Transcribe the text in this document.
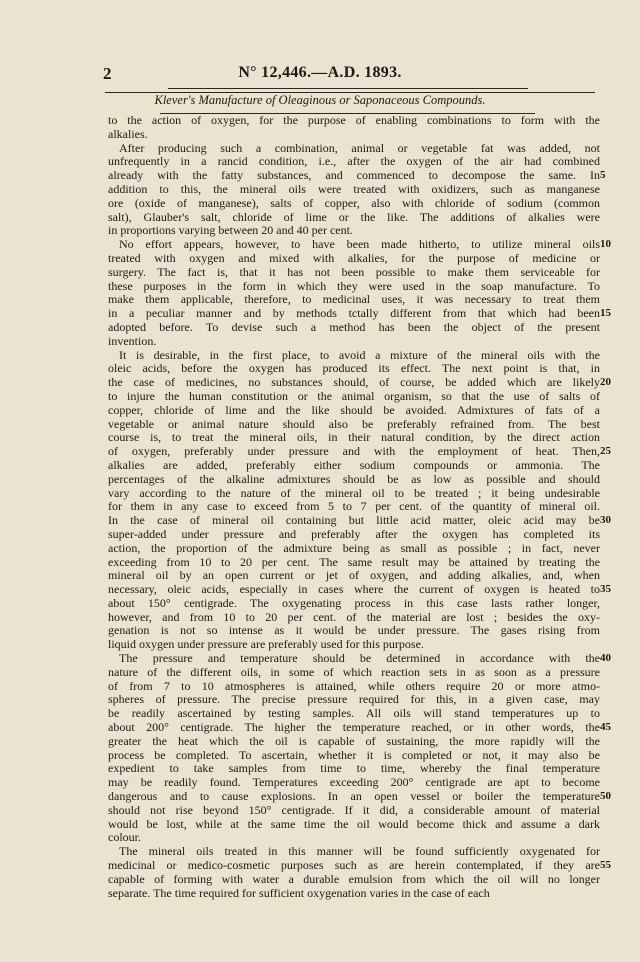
2	N° 12,446.—A.D. 1893.
Klever's Manufacture of Oleaginous or Saponaceous Compounds.
to the action of oxygen, for the purpose of enabling combinations to form with the
alkalies.
After producing such a combination, animal or vegetable fat was added, not
unfrequently in a rancid condition, i.e., after the oxygen of the air had combined
already with the fatty substances, and commenced to decompose the same. In
addition to this, the mineral oils were treated with oxidizers, such as manganese
ore (oxide of manganese), salts of copper, also with chloride of sodium (common
salt), Glauber's salt, chloride of lime or the like. The additions of alkalies were
in proportions varying between 20 and 40 per cent.
No effort appears, however, to have been made hitherto, to utilize mineral oils
treated with oxygen and mixed with alkalies, for the purpose of medicine or
surgery. The fact is, that it has not been possible to make them serviceable for
these purposes in the form in which they were used in the soap manufacture. To
make them applicable, therefore, to medicinal uses, it was necessary to treat them
in a peculiar manner and by methods tctally different from that which had been
adopted before. To devise such a method has been the object of the present
invention.
It is desirable, in the first place, to avoid a mixture of the mineral oils with the
oleic acids, before the oxygen has produced its effect. The next point is that, in
the case of medicines, no substances should, of course, be added which are likely
to injure the human constitution or the animal organism, so that the use of salts of
copper, chloride of lime and the like should be avoided. Admixtures of fats of a
vegetable or animal nature should also be preferably refrained from. The best
course is, to treat the mineral oils, in their natural condition, by the direct action
of oxygen, preferably under pressure and with the employment of heat. Then,
alkalies are added, preferably either sodium compounds or ammonia. The
percentages of the alkaline admixtures should be as low as possible and should
vary according to the nature of the mineral oil to be treated ; it being undesirable
for them in any case to exceed from 5 to 7 per cent. of the quantity of mineral oil.
In the case of mineral oil containing but little acid matter, oleic acid may be
super-added under pressure and preferably after the oxygen has completed its
action, the proportion of the admixture being as small as possible ; in fact, never
exceeding from 10 to 20 per cent. The same result may be attained by treating the
mineral oil by an open current or jet of oxygen, and adding alkalies, and, when
necessary, oleic acids, especially in cases where the current of oxygen is heated to
about 150° centigrade. The oxygenating process in this case lasts rather longer,
however, and from 10 to 20 per cent. of the material are lost ; besides the oxy-
genation is not so intense as it would be under pressure. The gases rising from
liquid oxygen under pressure are preferably used for this purpose.
The pressure and temperature should be determined in accordance with the
nature of the different oils, in some of which reaction sets in as soon as a pressure
of from 7 to 10 atmospheres is attained, while others require 20 or more atmo-
spheres of pressure. The precise pressure required for this, in a given case, may
be readily ascertained by testing samples. All oils will stand temperatures up to
about 200° centigrade. The higher the temperature reached, or in other words, the
greater the heat which the oil is capable of sustaining, the more rapidly will the
process be completed. To ascertain, whether it is completed or not, it may also be
expedient to take samples from time to time, whereby the final temperature
may be readily found. Temperatures exceeding 200° centigrade are apt to become
dangerous and to cause explosions. In an open vessel or boiler the temperature
should not rise beyond 150° centigrade. If it did, a considerable amount of material
would be lost, while at the same time the oil would become thick and assume a dark
colour.
The mineral oils treated in this manner will be found sufficiently oxygenated for
medicinal or medico-cosmetic purposes such as are herein contemplated, if they are
capable of forming with water a durable emulsion from which the oil will no longer
separate. The time required for sufficient oxygenation varies in the case of each
5
10
15
20
25
30
35
40
45
50
55
